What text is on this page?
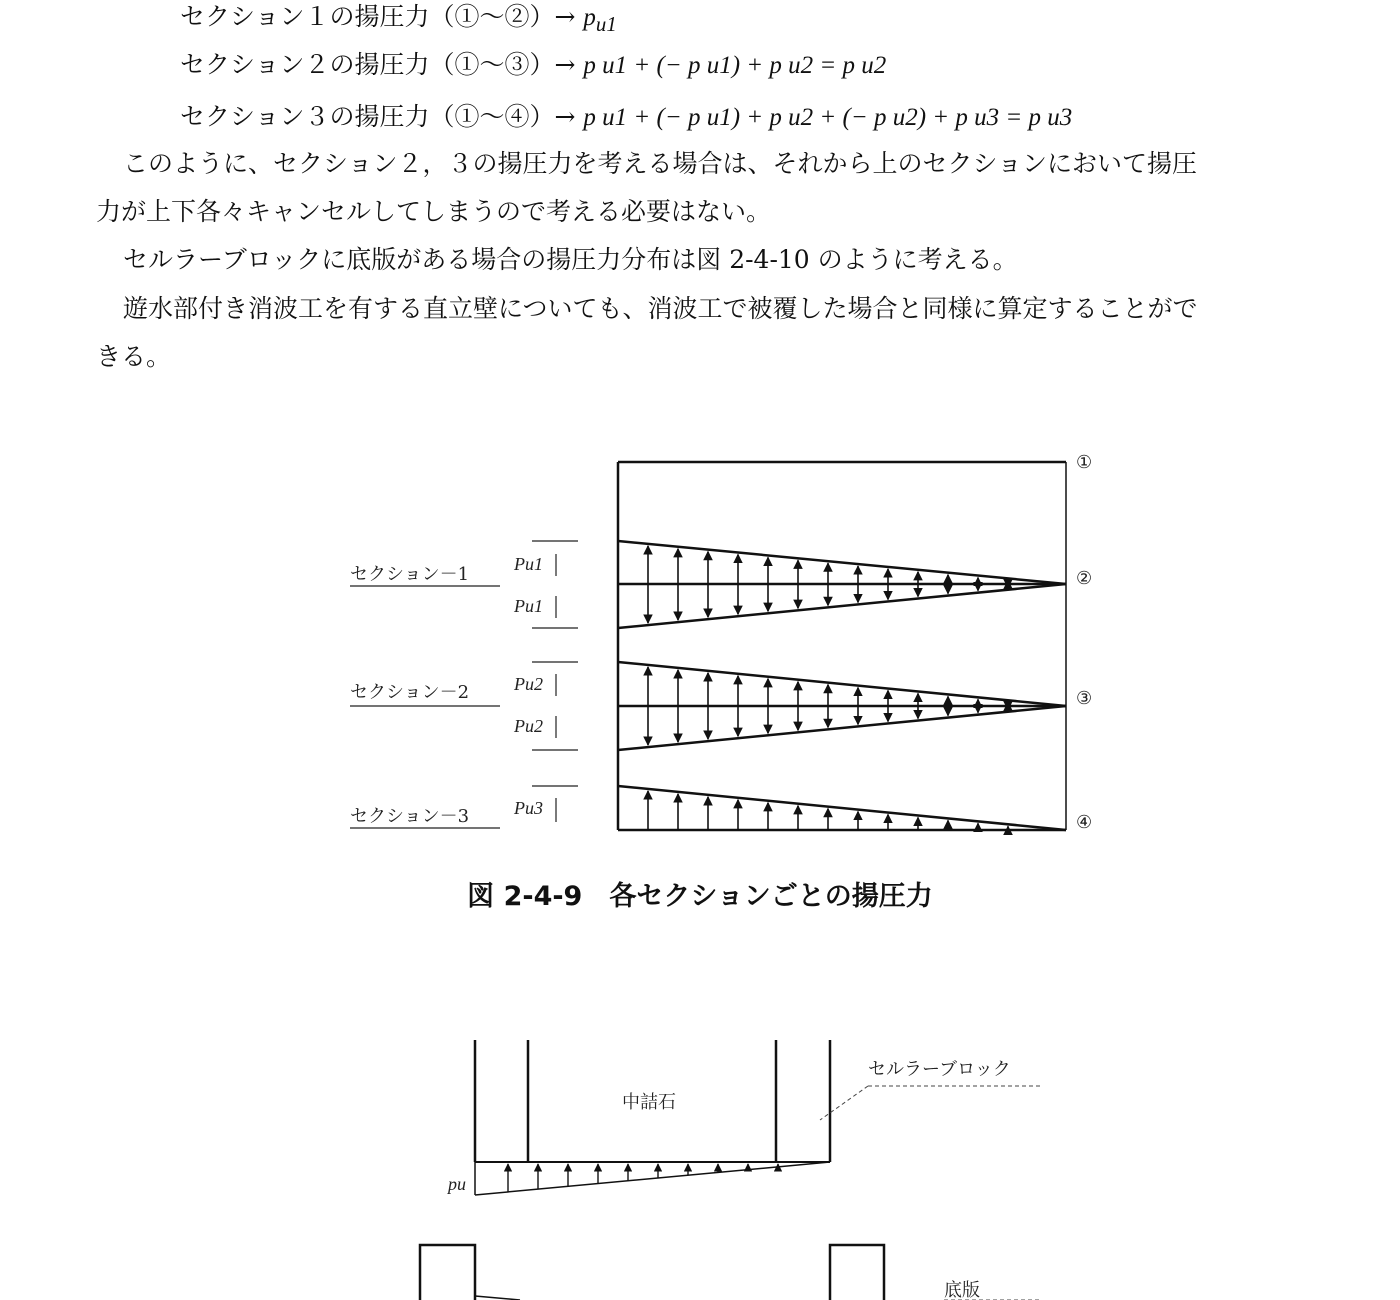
セクション１の揚圧力（①～②）→ $p_{u1}$
セクション２の揚圧力（①～③）→ p u1 + (− p u1) + p u2 = p u2
セクション３の揚圧力（①～④）→ p u1 + (− p u1) + p u2 + (− p u2) + p u3 = p u3
このように、セクション２，３の揚圧力を考える場合は、それから上のセクションにおいて揚圧
力が上下各々キャンセルしてしまうので考える必要はない。
セルラーブロックに底版がある場合の揚圧力分布は図 2-4-10 のように考える。
遊水部付き消波工を有する直立壁についても、消波工で被覆した場合と同様に算定することがで
きる。
セクション－1
セクション－2
セクション－3
Pu1
Pu1
Pu2
Pu2
Pu3
①
②
③
④
中詰石
セルラーブロック
pu
底版
図 2-4-9　各セクションごとの揚圧力
